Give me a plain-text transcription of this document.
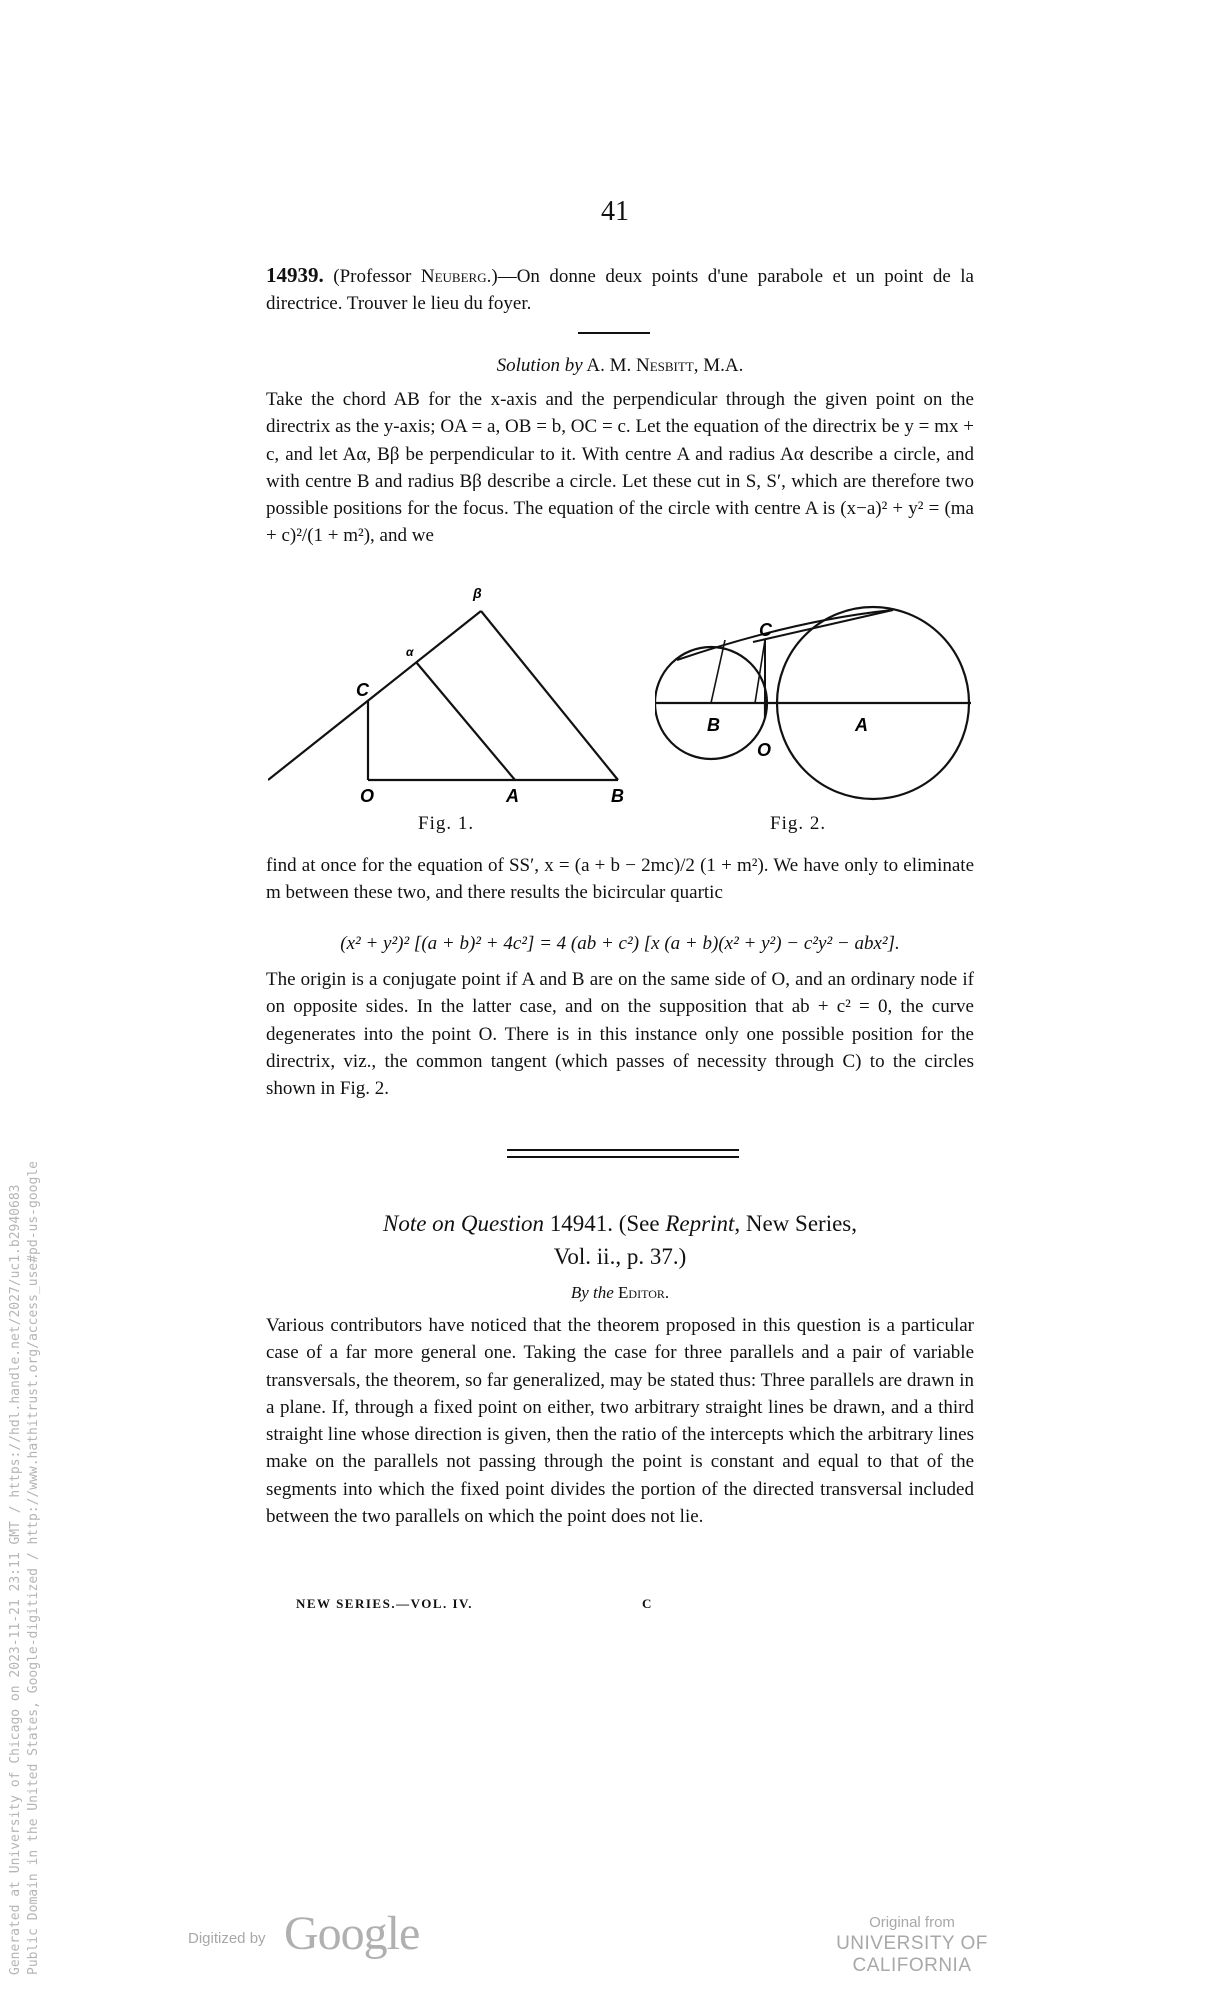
41

14939. (Professor Neuberg.)—On donne deux points d'une parabole et un point de la directrice. Trouver le lieu du foyer.

Solution by A. M. Nesbitt, M.A.

Take the chord AB for the x-axis and the perpendicular through the given point on the directrix as the y-axis; OA = a, OB = b, OC = c. Let the equation of the directrix be y = mx + c, and let Aα, Bβ be perpendicular to it. With centre A and radius Aα describe a circle, and with centre B and radius Bβ describe a circle. Let these cut in S, S′, which are therefore two possible positions for the focus. The equation of the circle with centre A is (x−a)² + y² = (ma + c)²/(1 + m²), and we

β
α
C
O	A	B
Fig. 1.
C
B	A
O
Fig. 2.

find at once for the equation of SS′, x = (a + b − 2mc)/2 (1 + m²). We have only to eliminate m between these two, and there results the bicircular quartic

(x² + y²)² [(a + b)² + 4c²] = 4 (ab + c²) [x (a + b)(x² + y²) − c²y² − abx²].

The origin is a conjugate point if A and B are on the same side of O, and an ordinary node if on opposite sides. In the latter case, and on the supposition that ab + c² = 0, the curve degenerates into the point O. There is in this instance only one possible position for the directrix, viz., the common tangent (which passes of necessity through C) to the circles shown in Fig. 2.

Note on Question 14941. (See Reprint, New Series,
Vol. ii., p. 37.)
By the Editor.

Various contributors have noticed that the theorem proposed in this question is a particular case of a far more general one. Taking the case for three parallels and a pair of variable transversals, the theorem, so far generalized, may be stated thus: Three parallels are drawn in a plane. If, through a fixed point on either, two arbitrary straight lines be drawn, and a third straight line whose direction is given, then the ratio of the intercepts which the arbitrary lines make on the parallels not passing through the point is constant and equal to that of the segments into which the fixed point divides the portion of the directed transversal included between the two parallels on which the point does not lie.

NEW SERIES.—VOL. IV.	C
Generated at University of Chicago on 2023-11-21 23:11 GMT / https://hdl.handle.net/2027/uc1.b2940683 Public Domain in the United States, Google-digitized / http://www.hathitrust.org/access_use#pd-us-google	Digitized by Google	Original from
UNIVERSITY OF CALIFORNIA
